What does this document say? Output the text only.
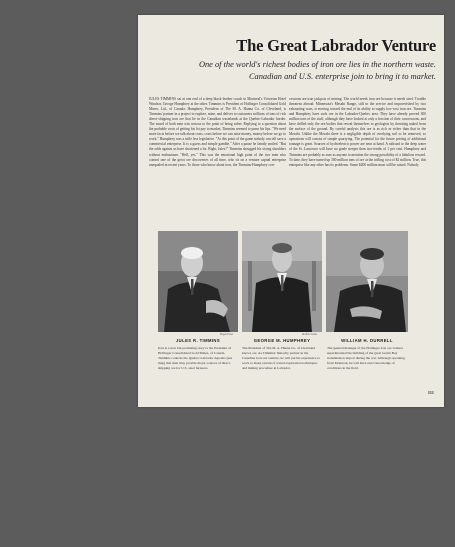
The Great Labrador Venture
One of the world's richest bodies of iron ore lies in the northern waste.
Canadian and U.S. enterprise join to bring it to market.
JULES TIMMINS sat at one end of a deep black-leather couch in Montreal's Victorian Hotel Windsor, George Humphrey at the other. Timmins is President of Hollinger Consolidated Gold Mines, Ltd., of Canada. Humphrey, President of The M. A. Hanna Co. of Cleveland, is Timmins' partner in a project to explore, mine, and deliver to customers millions of tons of rich direct-shipping iron ore that lie in the Canadian wastelands at the Quebec-Labrador border. The mood of both men was serious to the point of being sober. Replying to a question about the probable costs of getting his lot pay to market, Timmins seemed to parse his lips. "We need more facts before we talk about costs, costs before we can raise money, money before we go to work." Humphrey was a trifle less legislative. "At this point of the game nobody can tell save a commercial enterprise. It is a guess and simple gamble." After a pause he faintly smiled. "But the odds against us have shortened a lot. Right, Jules?" Timmins shrugged his strong shoulders without enthusiasm. "Hell, yes." This was the emotional high point of the two men who control one of the great ore discoveries of all time, who sit on a venture capital enterprise unequaled in recent years. To those who know about iron, the Timmins-Humphrey con-
cessions are true jackpots of mining. The world needs iron ore because it needs steel. Trouble threatens abroad. Minnesota's Mesabi Range, still in the service and impoverished by two exhausting wars, is moving toward the end of its ability to supply low-cost iron ore. Timmins and Humphrey have such ore in the Labrador-Quebec area. They have already proved 300 million tons of the stuff, although they have looked at only a fraction of their concessions, and have drilled only the ore bodies that reveal themselves to geologists by thrusting naked from the surface of the ground. By careful analysis this ore is as rich as richer than that in the Mesabi. Unlike the Mesabi there is a negligible depth of overlying soil to be removed, so operations will consist of simple quarrying. The potential for the future pricing of additional tonnage is great. Sources of hydroelectric power are near at hand. A railroad to the deep water of the St. Lawrence will have no grade steeper than two-tenths of 1 per cent. Humphrey and Timmins are probably as sure as anyone to mention the strong possibility of a fabulous reward. To date, they have turned up 300 million tons of ore at the trifling cost of $2 million. True, this enterprise like any other has its problems. Some $200 million must still be raised. Nobody
Bogen Press	Moffett Studio
JULES R. TIMMINS	GEORGE M. HUMPHREY	WILLIAM H. DURRELL
Iron is a new but promising story to the President of Hollinger Consolidated Gold Mines, of Canada. Timmins controls the Quebec-Labrador deposits (see map) that men may provide major sources of direct-shipping ore for U.S. steel furnaces.
The President of The M. A. Hanna Co. of Cleveland knows ore. As Timmins' minority partner in the Canadian iron-ore venture, he will put his experience to work to make certain of sound exploration techniques and mining procedure in Labrador.
The general manager of the Hollinger iron ore venture superintended the building of the great Gouin Bay transmission airport during the war. Although operating from Montreal, he will have exact knowledge of conditions in the field.
111
